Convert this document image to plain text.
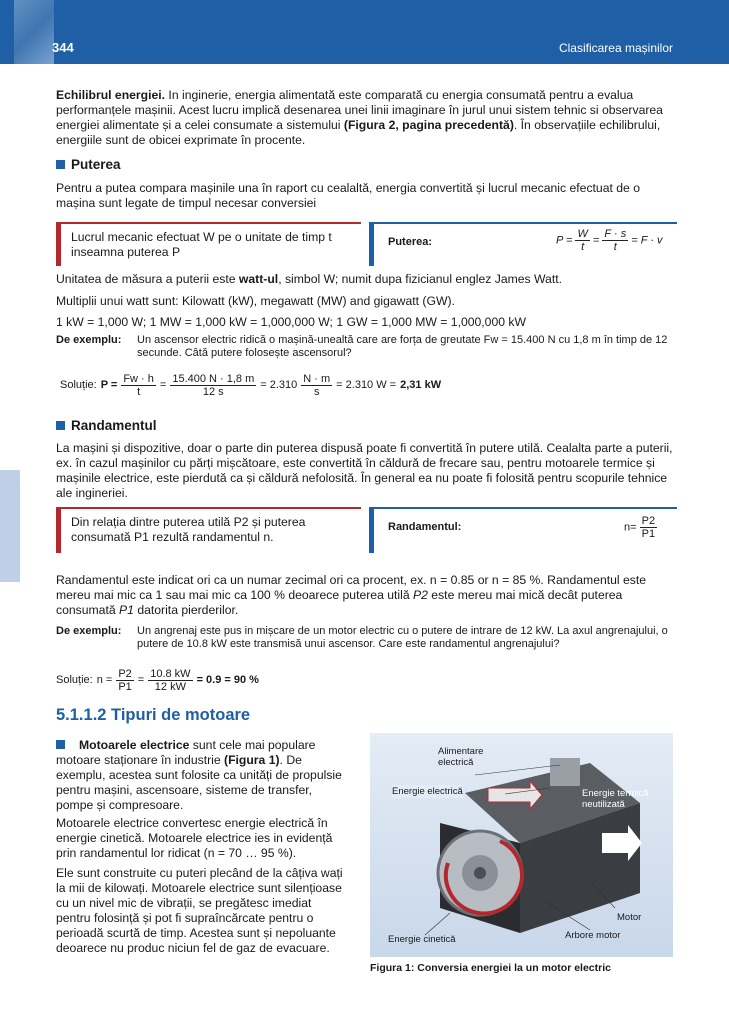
344	Clasificarea mașinilor

Echilibrul energiei. In inginerie, energia alimentată este comparată cu energia consumată pentru a evalua performanțele mașinii. Acest lucru implică desenarea unei linii imaginare în jurul unui sistem tehnic si observarea energiei alimentate și a celei consumate a sistemului (Figura 2, pagina precedentă). În observațiile echilibrului, energiile sunt de obicei exprimate în procente.

Puterea

Pentru a putea compara mașinile una în raport cu cealaltă, energia convertită și lucrul mecanic efectuat de o mașina sunt legate de timpul necesar conversiei

Lucrul mecanic efectuat W pe o unitate de timp t inseamna puterea P
Puterea:	$P = \frac{W}{t} = \frac{F \cdot s}{t} = F \cdot v$

Unitatea de măsura a puterii este watt-ul, simbol W; numit dupa fizicianul englez James Watt.

Multiplii unui watt sunt: Kilowatt (kW), megawatt (MW) and gigawatt (GW).

1 kW = 1,000 W; 1 MW = 1,000 kW = 1,000,000 W; 1 GW = 1,000 MW = 1,000,000 kW

De exemplu: Un ascensor electric ridică o mașină-unealtă care are forța de greutate Fw = 15.400 N cu 1,8 m în timp de 12 secunde. Câtă putere folosește ascensorul?
Soluție: $P = \frac{Fw \cdot h}{t} = \frac{15.400 N \cdot 1,8 m}{12 s} = 2.310 \frac{N \cdot m}{s} = 2.310$ W = 2,31 kW
Randamentul

La mașini și dispozitive, doar o parte din puterea dispusă poate fi convertită în putere utilă. Cealalta parte a puterii, ex. în cazul mașinilor cu părți mișcătoare, este convertită în căldură de frecare sau, pentru motoarele termice și mașinile electrice, este pierdută ca și căldură nefolosită. În general ea nu poate fi folosită pentru scopurile tehnice ale ingineriei.

Din relația dintre puterea utilă P2 și puterea consumată P1 rezultă randamentul n.
Randamentul:	$n= \frac{P2}{P1}$

Randamentul este indicat ori ca un numar zecimal ori ca procent, ex. n = 0.85 or n = 85 %. Randamentul este mereu mai mic ca 1 sau mai mic ca 100 % deoarece puterea utilă P2 este mereu mai mică decât puterea consumată P1 datorita pierderilor.

De exemplu: Un angrenaj este pus in mișcare de un motor electric cu o putere de intrare de 12 kW. La axul angrenajului, o putere de 10.8 kW este transmisă unui ascensor. Care este randamentul angrenajului?
Soluție: $n = \frac{P2}{P1} = \frac{10.8 kW}{12 kW} = 0.9 = 90$ %
5.1.1.2 Tipuri de motoare

Motoarele electrice sunt cele mai populare motoare staționare în industrie (Figura 1). De exemplu, acestea sunt folosite ca unități de propulsie pentru mașini, ascensoare, sisteme de transfer, pompe și compresoare.

Motoarele electrice convertesc energie electrică în energie cinetică. Motoarele electrice ies in evidență prin randamentul lor ridicat (n = 70 … 95 %).

Ele sunt construite cu puteri plecând de la câțiva wați la mii de kilowați. Motoarele electrice sunt silențioase cu un nivel mic de vibrații, se pregătesc imediat pentru folosință și pot fi supraîncărcate pentru o perioadă scurtă de timp. Acestea sunt și nepoluante deoarece nu produc niciun fel de gaz de evacuare.

Alimentare electrică
Energie electrică	Energie termică neutilizată
Motor
Arbore motor
Energie cinetică
Figura 1: Conversia energiei la un motor electric
